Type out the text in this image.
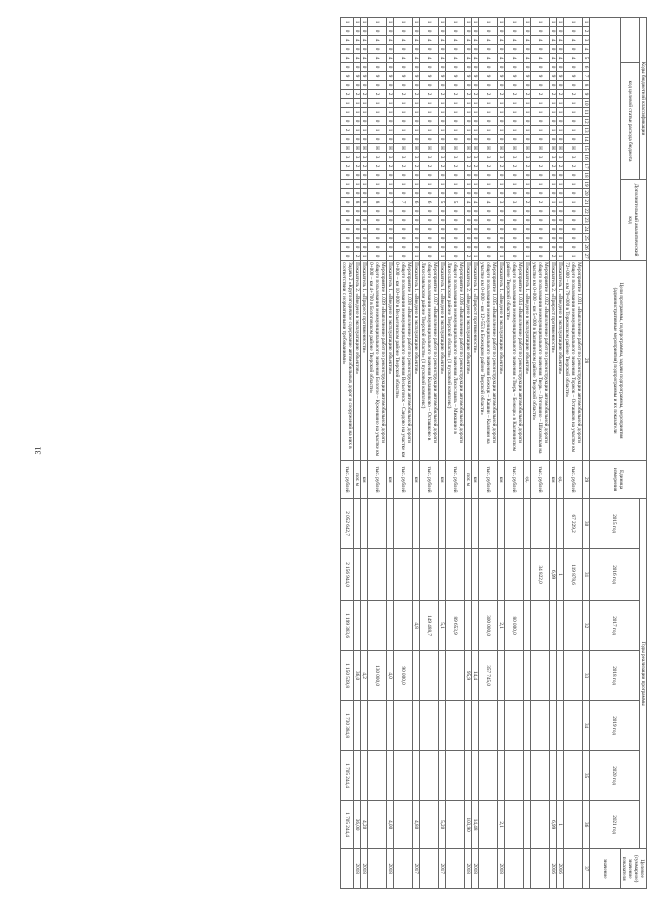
31
Коды бюджетной классификации																		Дополнительный аналитический код									Цели программы, подпрограммы, задачи подпрограммы, мероприятия (административные мероприятия) подпрограммы и их показатели	Единица измерения	Годы реализации программы							Целевое (суммарное) значение показателя
					код целевой статьи расхода бюджета																								2015 год	2016 год	2017 год	2018 год	2019 год	2020 год	2021 год	
																																				значение
1	2	3	4	5	6	7	8	9	10	11	12	13	14	15	16	17	18	19	20	21	22	23	24	25	26	27	28	29	30	31	32	33	34	35	36	37
1	0	4	0	4	0	9	0	2	1	1	0	1	0	Н	3	2	0	1	0	1	0	0	0	0	0	1	Мероприятие 1.031 «Выполнение работ по реконструкции автомобильной дороги общего пользования межмуниципального значения Торжок – Осташков на участке км 72+000 – км 79+000 в Торжокском районе Тверской области»	тыс. рублей	67 229,2	119 878,6						
1	0	4	0	4	0	9	0	2	1	1	0	1	0	Н	3	2	0	1	0	1	0	0	0	0	0	1	Показатель 1. «Введено в эксплуатацию объектов»	ед.		1					1	2016
1	0	4	0	4	0	9	0	2	1	1	0	1	0	Н	3	2	0	1	0	1	0	0	0	0	0	2	Показатель 2. «Прирост протяженности»	км		6,99					6,99	2016
1	0	4	0	4	0	9	0	2	1	1	0	1	0	Н	3	2	0	1	0	2	0	0	0	0	0	0	Мероприятие 1.032 «Выполнение работ по реконструкции автомобильной дороги общего пользования межмуниципального значения Тверь – Лотошино – Шаховская на участке км 0+000 – км 5+000 в Калининском районе Тверской области»	тыс. рублей		34 822,0						
1	0	4	0	4	0	9	0	2	1	1	0	1	0	Н	3	2	0	1	0	2	0	0	0	0	0	1	Показатель 1. «Введено в эксплуатацию объектов»	ед.								
1	0	4	0	4	0	9	0	2	1	1	0	1	0	Н	3	2	0	1	0	3	0	0	0	0	0	0	Мероприятие 1.034 «Выполнение работ по реконструкции автомобильной дороги общего пользования межмуниципального значения «Тверь – Бежецк» в Калининском районе Тверской области»	тыс. рублей			80 000,0					
1	0	4	0	4	0	9	0	2	1	1	0	1	0	Н	3	2	0	1	0	3	0	0	0	0	0	1	Показатель 1. «Введено в эксплуатацию объектов»	км			2,1				2,1	2018
1	0	4	0	4	0	9	0	2	1	1	0	1	0	Н	3	2	0	1	0	4	0	0	0	0	0	0	Мероприятие 1.035 «Выполнение работ по реконструкции автомобильной дороги общего пользования межмуниципального значения Бежецк – Кашин – Калязин на участке км 0+000 – км 12+553 в Бежецком районе Тверской области»	тыс. рублей			300 000,0	357 745,0				
1	0	4	0	4	0	9	0	2	1	1	0	1	0	Н	3	2	0	1	0	4	0	0	0	0	0	1	Показатель 1. «Прирост протяженности»	км				14,4			14,48	2018
1	0	4	0	4	0	9	0	2	1	1	0	1	0	Н	3	2	0	1	0	4	0	0	0	0	0	2	Показатель 2. «Введено в эксплуатацию объектов»	пог. м				95,9			103,90	2018
1	0	4	0	4	0	9	0	2	1	1	0	1	0	Н	3	2	0	1	0	5	0	0	0	0	0	0	Мероприятие 1.036 «Выполнение работ по реконструкции автомобильной дороги общего пользования межмуниципального значения Лихославль – Микшино в Лихославльском районе Тверской области» (1 пусковой комплекс)	тыс. рублей			89 653,9					
1	0	4	0	4	0	9	0	2	1	1	0	1	0	Н	3	2	0	1	0	5	0	0	0	0	0	1	Показатель 1. «Введено в эксплуатацию объектов»	км			5,1				5,20	2017
1	0	4	0	4	0	9	0	2	1	1	0	1	0	Н	3	2	0	1	0	6	0	0	0	0	0	0	Мероприятие 1.037 «Выполнение работ по реконструкции автомобильной дороги общего пользования межмуниципального значения Калашниково – Осташково в Лихославльском районе Тверской области» (1 пусковой комплекс)	тыс. рублей			149 488,7					
1	0	4	0	4	0	9	0	2	1	1	0	1	0	Н	3	2	0	1	0	6	0	0	0	0	0	1	Показатель 1. «Введено в эксплуатацию объектов»	км			4,8				4,80	2017
1	0	4	0	4	0	9	0	2	1	1	0	1	0	Н	3	2	0	1	0	7	0	0	0	0	0	0	Мероприятие 1.038 «Выполнение работ по реконструкции автомобильной дороги общего пользования межмуниципального значения Весьегонск – Сандово на участке км 0+000 – км 10+000 в Весьегонском районе Тверской области»	тыс. рублей				90 000,0				
1	0	4	0	4	0	9	0	2	1	1	0	1	0	Н	3	2	0	1	0	7	0	0	0	0	0	1	Показатель 1. «Введено в эксплуатацию объектов»	км				4,0			4,00	2018
1	0	4	0	4	0	9	0	2	1	1	0	1	0	Н	3	2	0	1	0	8	0	0	0	0	0	0	Мероприятие 1.039 «Выполнение работ по реконструкции автомобильной дороги общего пользования межмуниципального значения Бологое – Куженкино на участке км 0+000 – км 4+700 в Бологовском районе Тверской области»	тыс. рублей				130 000,0				
1	0	4	0	4	0	9	0	2	1	1	0	1	0	Н	3	2	0	1	0	8	0	0	0	0	0	1	Показатель 1. «Прирост протяженности»	км				4,2			4,20	2018
1	0	4	0	4	0	9	0	2	1	1	0	1	0	Н	3	2	0	1	0	8	0	0	0	0	0	2	Показатель 2. «Введено в эксплуатацию объектов»	пог. м				36,0			36,00	2018
1	0	4	0	4	0	9	0	2	1	1	0	2	0	Н	3	2	0	1	0	0	0	0	0	0	0	0	Задача 2 «Круглогодичное содержание автомобильных дорог и сооружений на них в соответствии с нормативными требованиями»	тыс. рублей	2 052 642,7	2 156 944,0	1 199 383,6	1 150 539,8	1 730 384,8	1 705 244,4	1 705 244,4	
